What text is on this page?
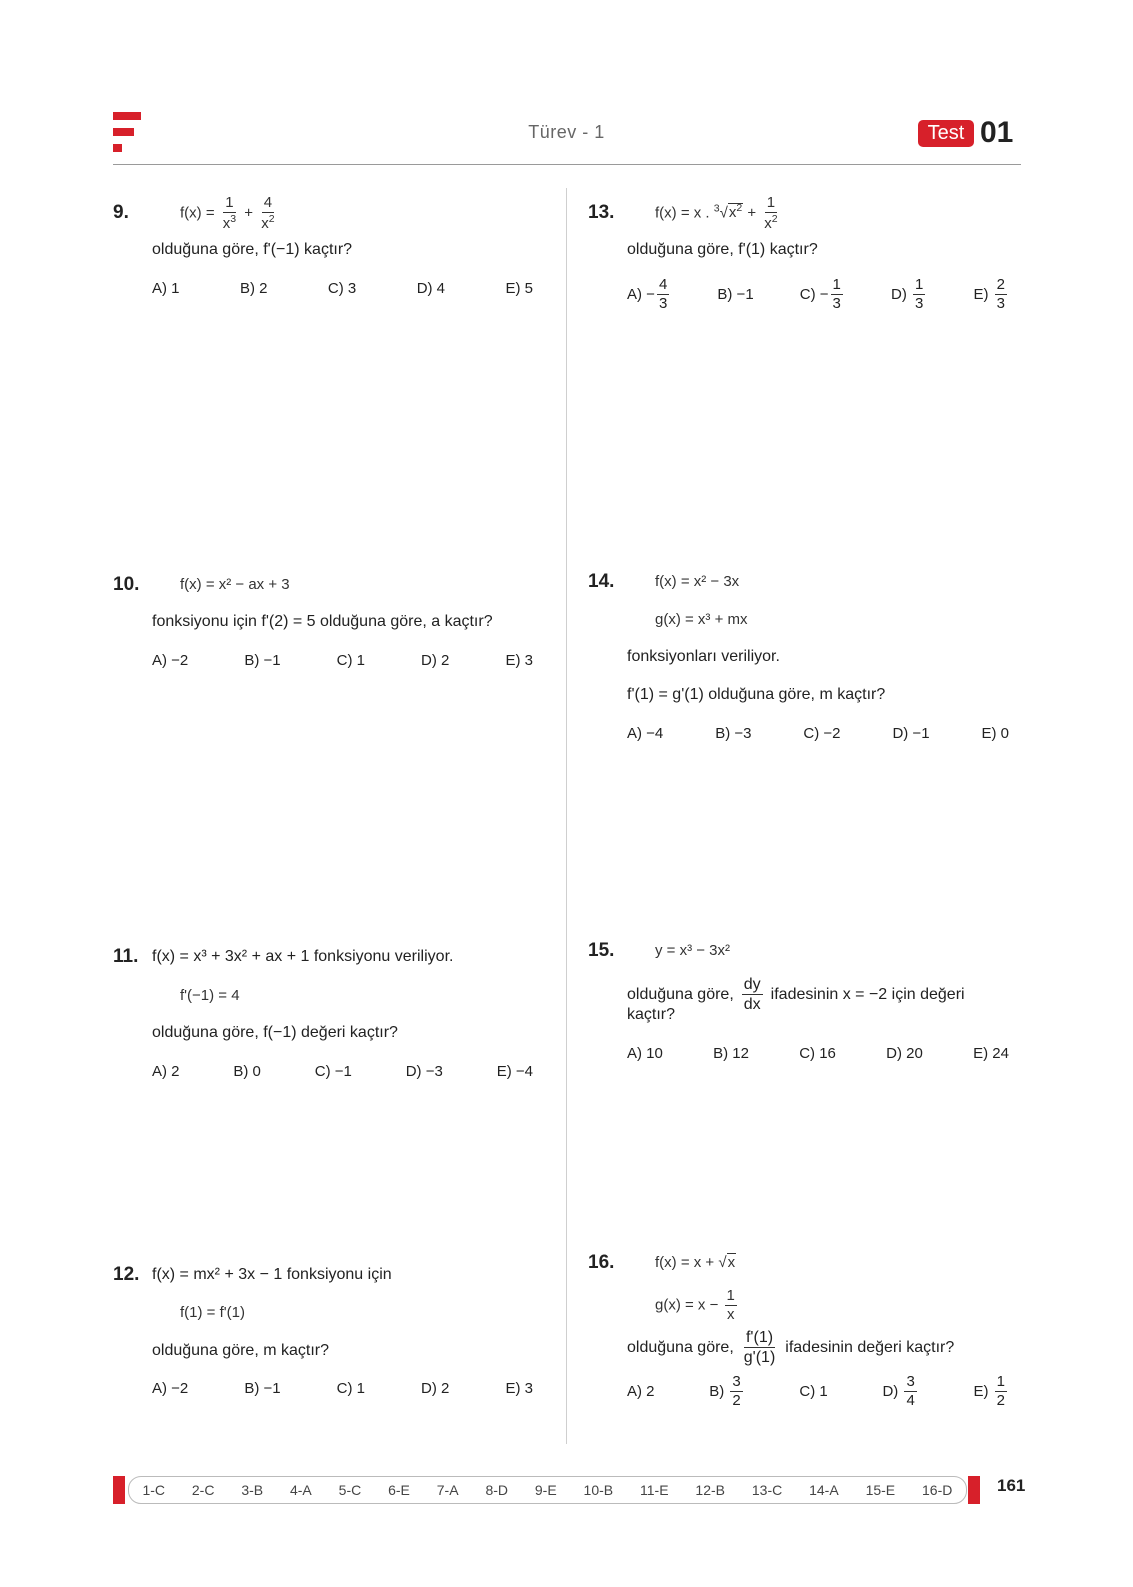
Türev - 1	Test 01
9.	$f(x) = \frac{1}{x^3} + \frac{4}{x^2}$
olduğuna göre, f'(−1) kaçtır?
A) 1	B) 2	C) 3	D) 4	E) 5
10.	f(x) = x² − ax + 3
fonksiyonu için f'(2) = 5 olduğuna göre, a kaçtır?
A) −2	B) −1	C) 1	D) 2	E) 3
11. f(x) = x³ + 3x² + ax + 1 fonksiyonu veriliyor.
f'(−1) = 4
olduğuna göre, f(−1) değeri kaçtır?
A) 2	B) 0	C) −1	D) −3	E) −4
12. f(x) = mx² + 3x − 1 fonksiyonu için
f(1) = f'(1)
olduğuna göre, m kaçtır?
A) −2	B) −1	C) 1	D) 2	E) 3
13.	f(x) = x . $^3√x^2 + \frac{1}{x^2}$
olduğuna göre, f'(1) kaçtır?
$A) - \frac{4}{3}$	B) −1	$C) - \frac{1}{3}$	D)
$\frac{1}{3}$	E)
$\frac{2}{3}$
14.	f(x) = x² − 3x
g(x) = x³ + mx
fonksiyonları veriliyor.
f'(1) = g'(1) olduğuna göre, m kaçtır?
A) −4	B) −3	C) −2	D) −1	E) 0
15.	y = x³ − 3x²
olduğuna göre, $\frac{dy}{dx}$ ifadesinin x = −2 için değeri
kaçtır?
A) 10	B) 12	C) 16	D) 20	E) 24
16.	f(x) = x + √x
$g(x) = x - \frac{1}{x}$
olduğuna göre, $\frac{f'(1)}{g'(1)}$ ifadesinin değeri kaçtır?
A) 2	B)
$\frac{3}{2}$	C) 1	D)
$\frac{3}{4}$	E)
$\frac{1}{2}$
1-C 2-C 3-B 4-A 5-C 6-E 7-A 8-D 9-E 10-B 11-E 12-B 13-C 14-A 15-E 16-D	161
